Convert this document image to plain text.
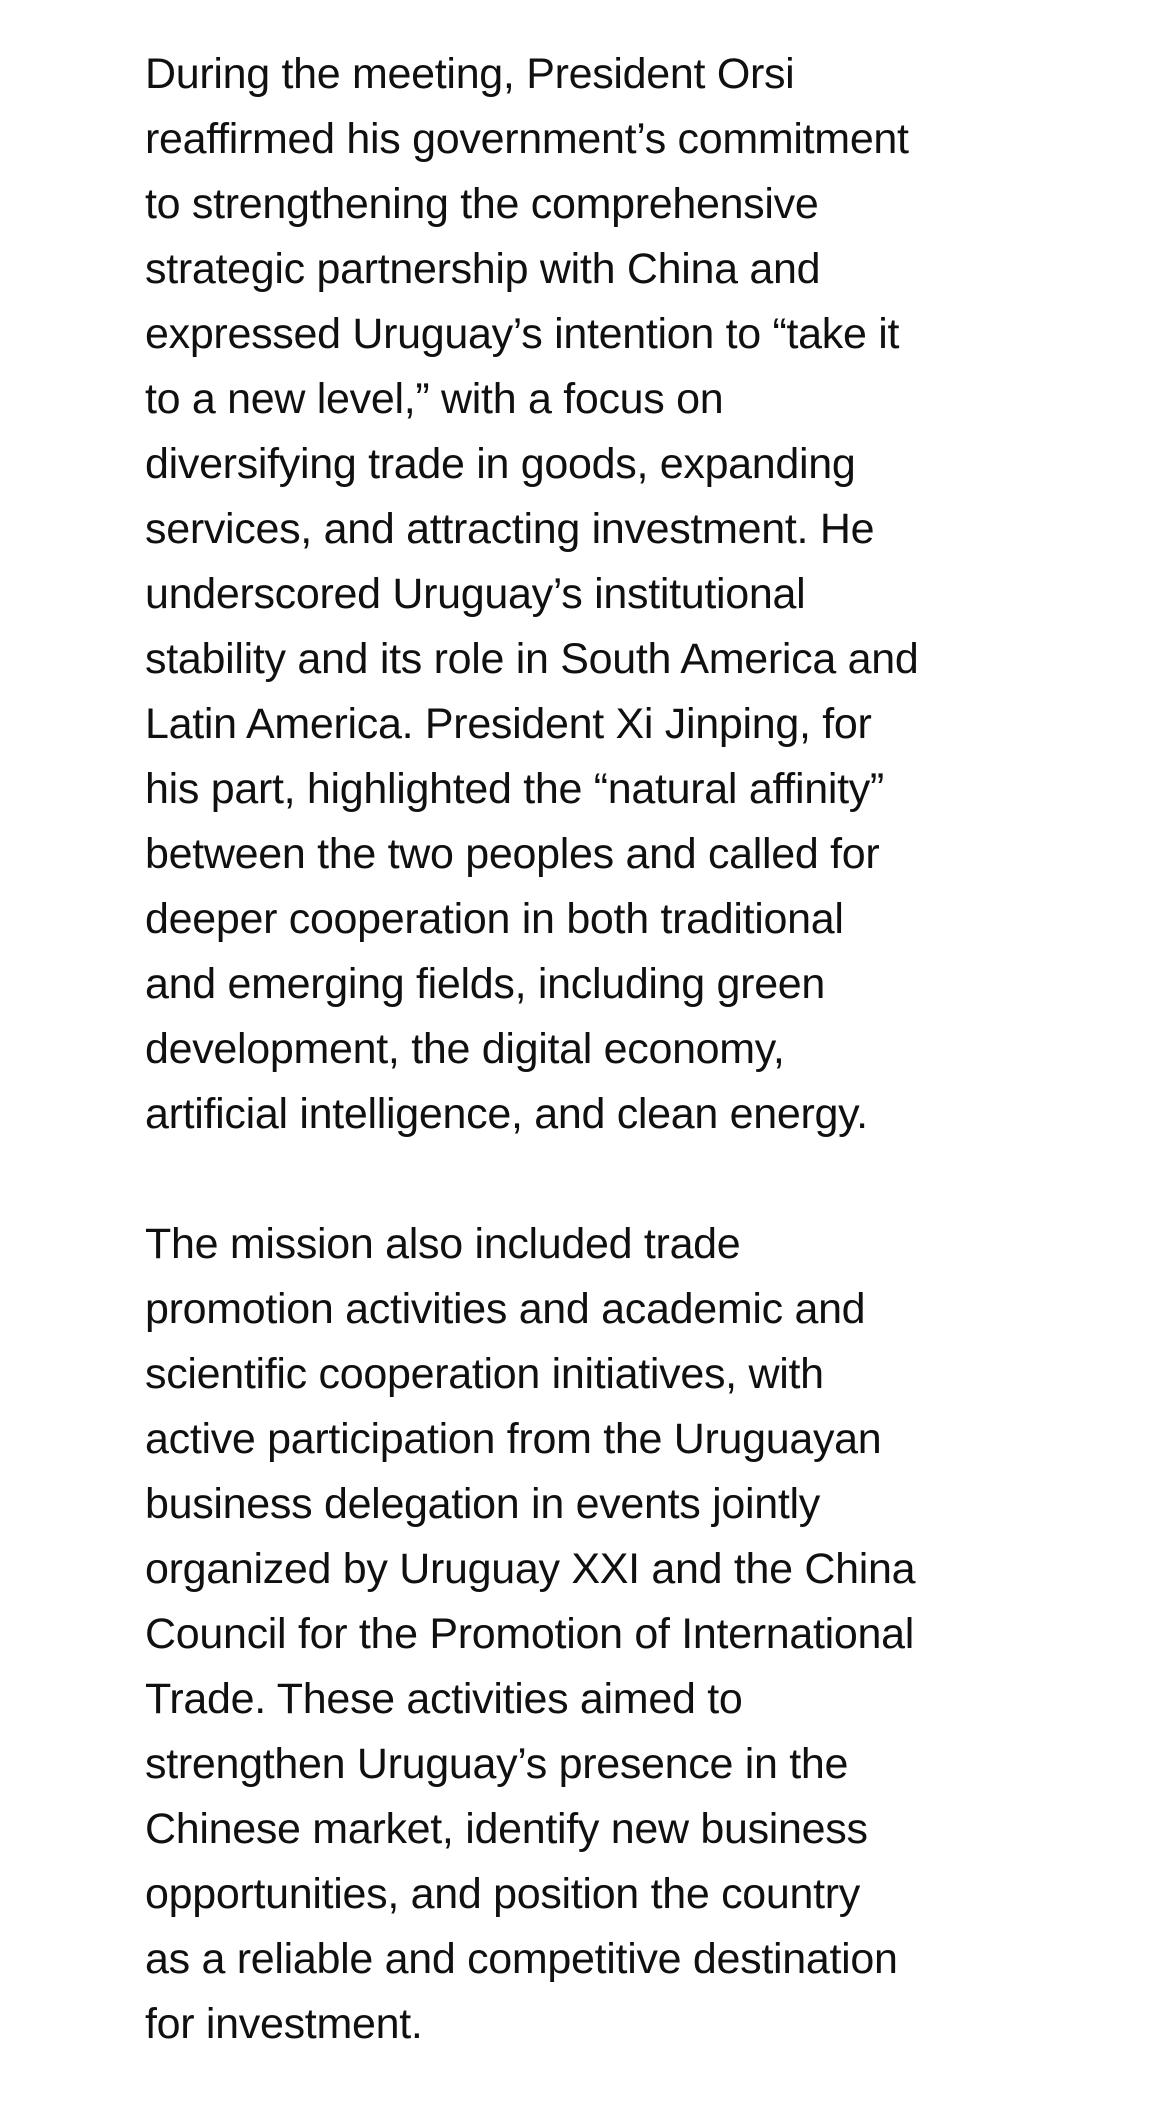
During the meeting, President Orsi
reaffirmed his government’s commitment
to strengthening the comprehensive
strategic partnership with China and
expressed Uruguay’s intention to “take it
to a new level,” with a focus on
diversifying trade in goods, expanding
services, and attracting investment. He
underscored Uruguay’s institutional
stability and its role in South America and
Latin America. President Xi Jinping, for
his part, highlighted the “natural affinity”
between the two peoples and called for
deeper cooperation in both traditional
and emerging fields, including green
development, the digital economy,
artificial intelligence, and clean energy.
The mission also included trade
promotion activities and academic and
scientific cooperation initiatives, with
active participation from the Uruguayan
business delegation in events jointly
organized by Uruguay XXI and the China
Council for the Promotion of International
Trade. These activities aimed to
strengthen Uruguay’s presence in the
Chinese market, identify new business
opportunities, and position the country
as a reliable and competitive destination
for investment.
